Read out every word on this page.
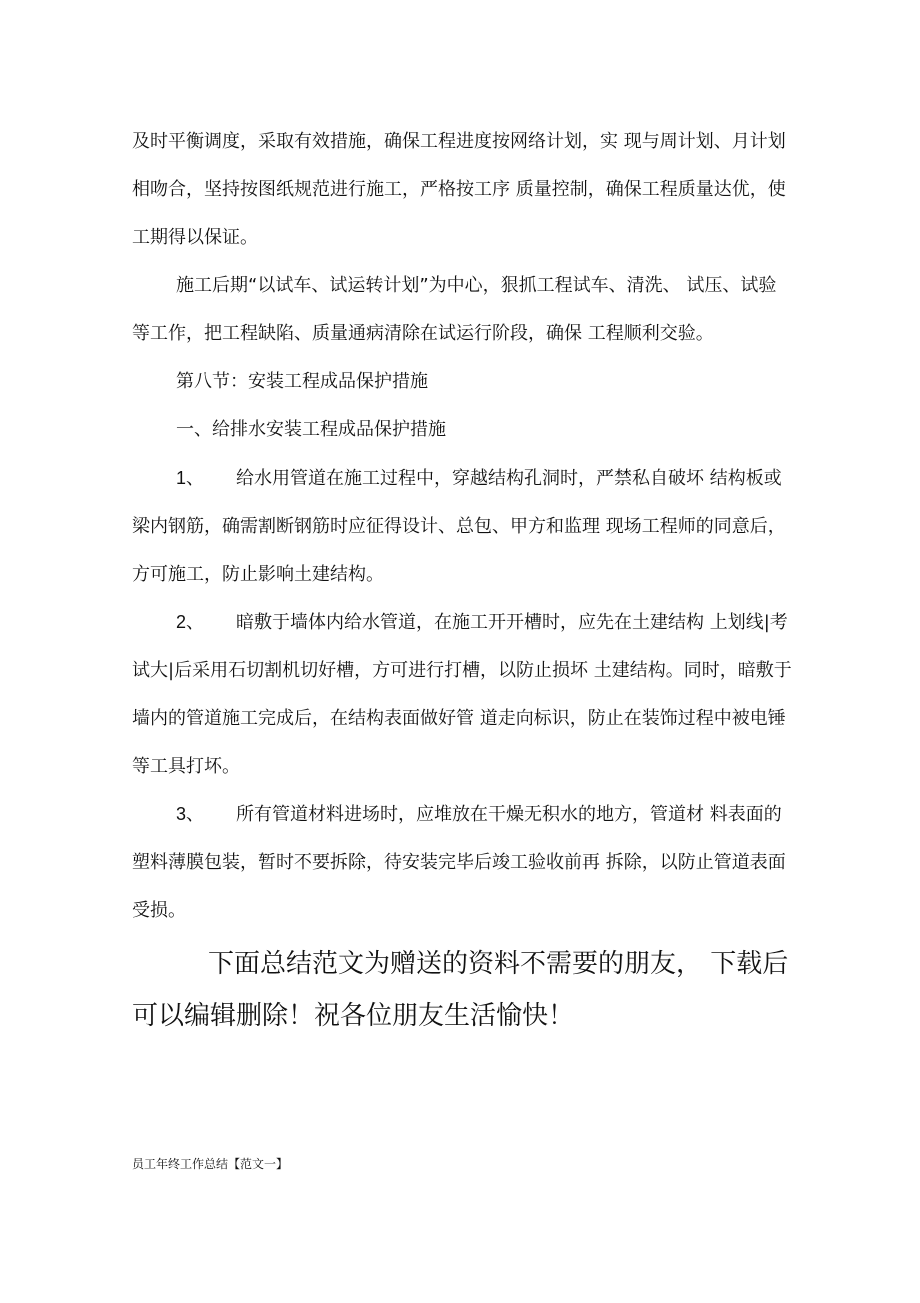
及时平衡调度，采取有效措施，确保工程进度按网络计划，实 现与周计划、月计划相吻合，坚持按图纸规范进行施工，严格按工序 质量控制，确保工程质量达优，使工期得以保证。

施工后期“以试车、试运转计划”为中心，狠抓工程试车、清洗、 试压、试验等工作，把工程缺陷、质量通病清除在试运行阶段，确保 工程顺利交验。

第八节：安装工程成品保护措施

一、给排水安装工程成品保护措施

1、 给水用管道在施工过程中，穿越结构孔洞时，严禁私自破坏 结构板或梁内钢筋，确需割断钢筋时应征得设计、总包、甲方和监理 现场工程师的同意后，方可施工，防止影响土建结构。

2、 暗敷于墙体内给水管道，在施工开开槽时，应先在土建结构 上划线|考试大|后采用石切割机切好槽，方可进行打槽，以防止损坏 土建结构。同时，暗敷于墙内的管道施工完成后，在结构表面做好管 道走向标识，防止在装饰过程中被电锤等工具打坏。

3、 所有管道材料进场时，应堆放在干燥无积水的地方，管道材 料表面的塑料薄膜包装，暂时不要拆除，待安装完毕后竣工验收前再 拆除，以防止管道表面受损。

下面总结范文为赠送的资料不需要的朋友， 下载后可以编辑删除！祝各位朋友生活愉快！

员工年终工作总结【范文一】
